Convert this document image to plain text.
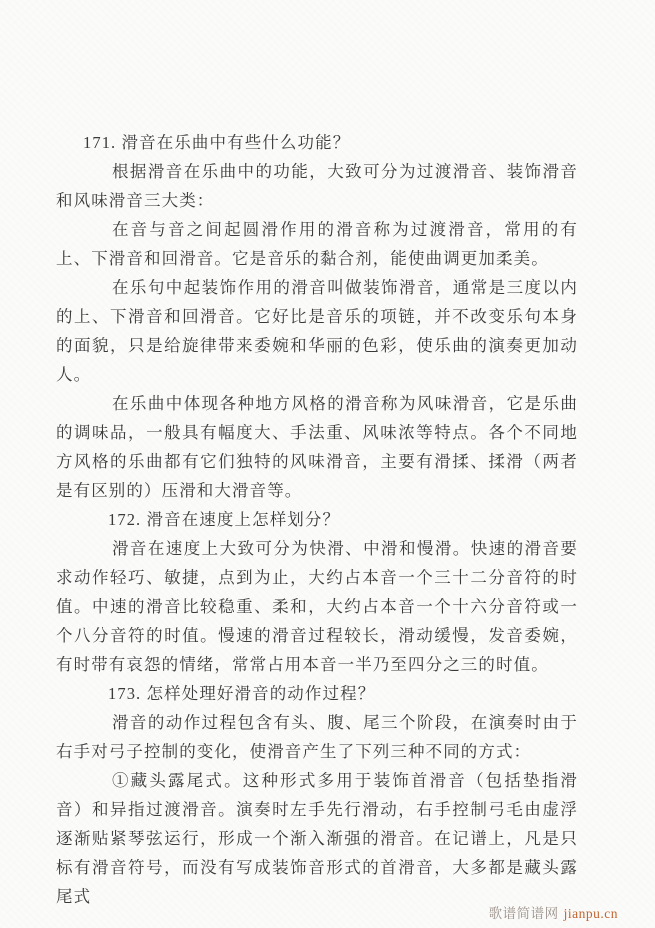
171. 滑音在乐曲中有些什么功能？

根据滑音在乐曲中的功能，大致可分为过渡滑音、装饰滑音和风味滑音三大类：

在音与音之间起圆滑作用的滑音称为过渡滑音，常用的有上、下滑音和回滑音。它是音乐的黏合剂，能使曲调更加柔美。

在乐句中起装饰作用的滑音叫做装饰滑音，通常是三度以内的上、下滑音和回滑音。它好比是音乐的项链，并不改变乐句本身的面貌，只是给旋律带来委婉和华丽的色彩，使乐曲的演奏更加动人。

在乐曲中体现各种地方风格的滑音称为风味滑音，它是乐曲的调味品，一般具有幅度大、手法重、风味浓等特点。各个不同地方风格的乐曲都有它们独特的风味滑音，主要有滑揉、揉滑（两者是有区别的）压滑和大滑音等。

172. 滑音在速度上怎样划分？

滑音在速度上大致可分为快滑、中滑和慢滑。快速的滑音要求动作轻巧、敏捷，点到为止，大约占本音一个三十二分音符的时值。中速的滑音比较稳重、柔和，大约占本音一个十六分音符或一个八分音符的时值。慢速的滑音过程较长，滑动缓慢，发音委婉，有时带有哀怨的情绪，常常占用本音一半乃至四分之三的时值。

173. 怎样处理好滑音的动作过程？

滑音的动作过程包含有头、腹、尾三个阶段，在演奏时由于右手对弓子控制的变化，使滑音产生了下列三种不同的方式：

①藏头露尾式。这种形式多用于装饰首滑音（包括垫指滑音）和异指过渡滑音。演奏时左手先行滑动，右手控制弓毛由虚浮逐渐贴紧琴弦运行，形成一个渐入渐强的滑音。在记谱上，凡是只标有滑音符号，而没有写成装饰音形式的首滑音，大多都是藏头露尾式

歌谱简谱网 jianpu.cn
